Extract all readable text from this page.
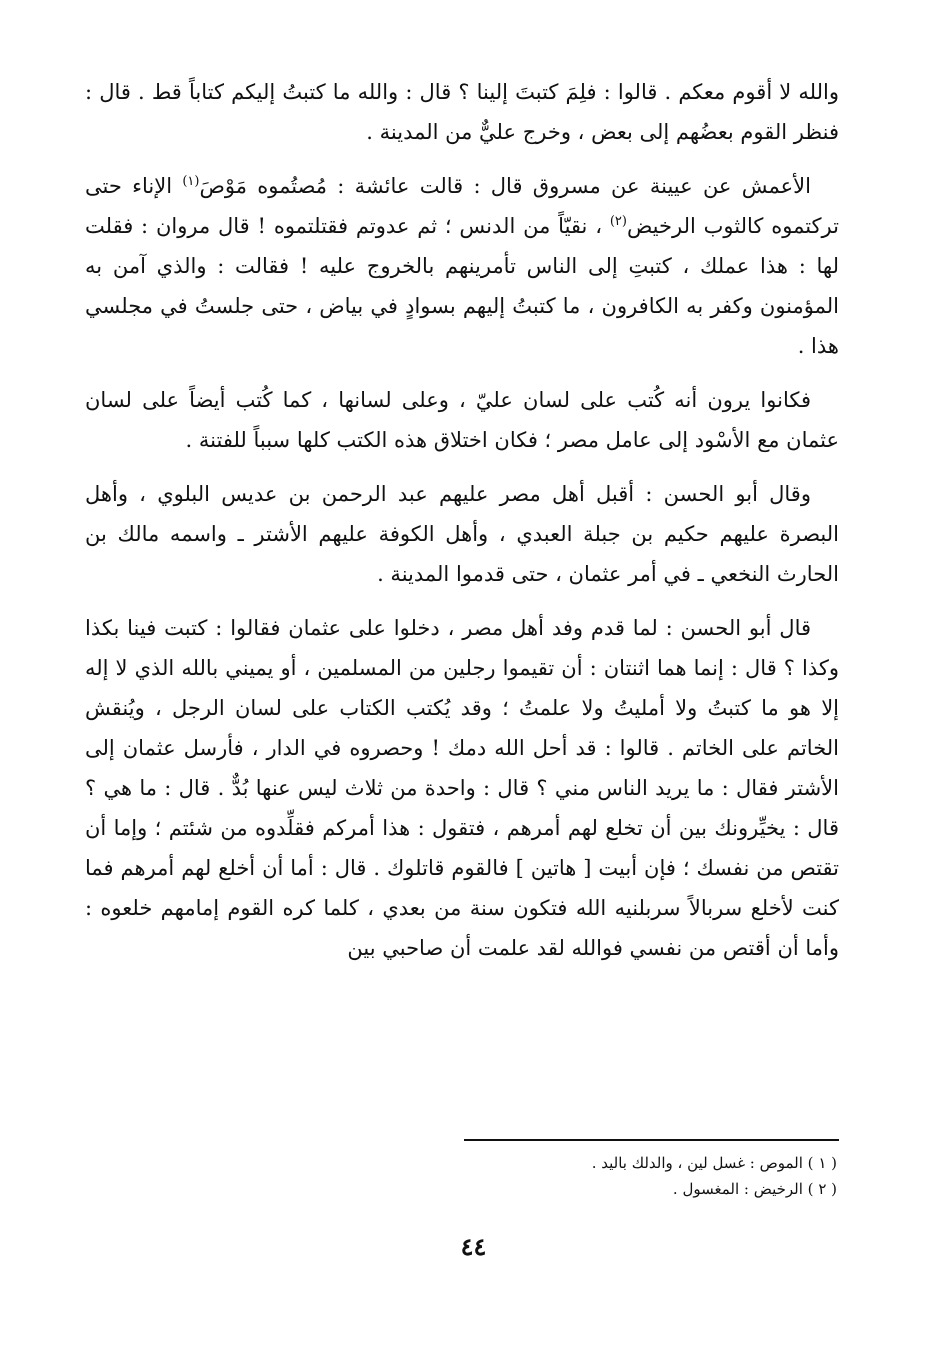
والله لا أقوم معكم . قالوا : فلِمَ كتبتَ إلينا ؟ قال : والله ما كتبتُ إليكم كتاباً قط . قال : فنظر القوم بعضُهم إلى بعض ، وخرج عليٌّ من المدينة .

الأعمش عن عيينة عن مسروق قال : قالت عائشة : مُصتُموه مَوْصَ$^{(١)}$ الإناء حتى تركتموه كالثوب الرخيض$^{(٢)}$ ، نقيّاً من الدنس ؛ ثم عدوتم فقتلتموه ! قال مروان : فقلت لها : هذا عملك ، كتبتِ إلى الناس تأمرينهم بالخروج عليه ! فقالت : والذي آمن به المؤمنون وكفر به الكافرون ، ما كتبتُ إليهم بسوادٍ في بياض ، حتى جلستُ في مجلسي هذا .

فكانوا يرون أنه كُتب على لسان عليّ ، وعلى لسانها ، كما كُتب أيضاً على لسان عثمان مع الأسْود إلى عامل مصر ؛ فكان اختلاق هذه الكتب كلها سبباً للفتنة .

وقال أبو الحسن : أقبل أهل مصر عليهم عبد الرحمن بن عديس البلوي ، وأهل البصرة عليهم حكيم بن جبلة العبدي ، وأهل الكوفة عليهم الأشتر ـ واسمه مالك بن الحارث النخعي ـ في أمر عثمان ، حتى قدموا المدينة .

قال أبو الحسن : لما قدم وفد أهل مصر ، دخلوا على عثمان فقالوا : كتبت فينا بكذا وكذا ؟ قال : إنما هما اثنتان : أن تقيموا رجلين من المسلمين ، أو يميني بالله الذي لا إله إلا هو ما كتبتُ ولا أمليتُ ولا علمتُ ؛ وقد يُكتب الكتاب على لسان الرجل ، ويُنقش الخاتم على الخاتم . قالوا : قد أحل الله دمك ! وحصروه في الدار ، فأرسل عثمان إلى الأشتر فقال : ما يريد الناس مني ؟ قال : واحدة من ثلاث ليس عنها بُدٌّ . قال : ما هي ؟ قال : يخيِّرونك بين أن تخلع لهم أمرهم ، فتقول : هذا أمركم فقلِّدوه من شئتم ؛ وإما أن تقتص من نفسك ؛ فإن أبيت [ هاتين ] فالقوم قاتلوك . قال : أما أن أخلع لهم أمرهم فما كنت لأخلع سربالاً سربلنيه الله فتكون سنة من بعدي ، كلما كره القوم إمامهم خلعوه : وأما أن أقتص من نفسي فوالله لقد علمت أن صاحبي بين

( ١ ) الموص : غسل لين ، والدلك باليد .

( ٢ ) الرخيض : المغسول .

٤٤
